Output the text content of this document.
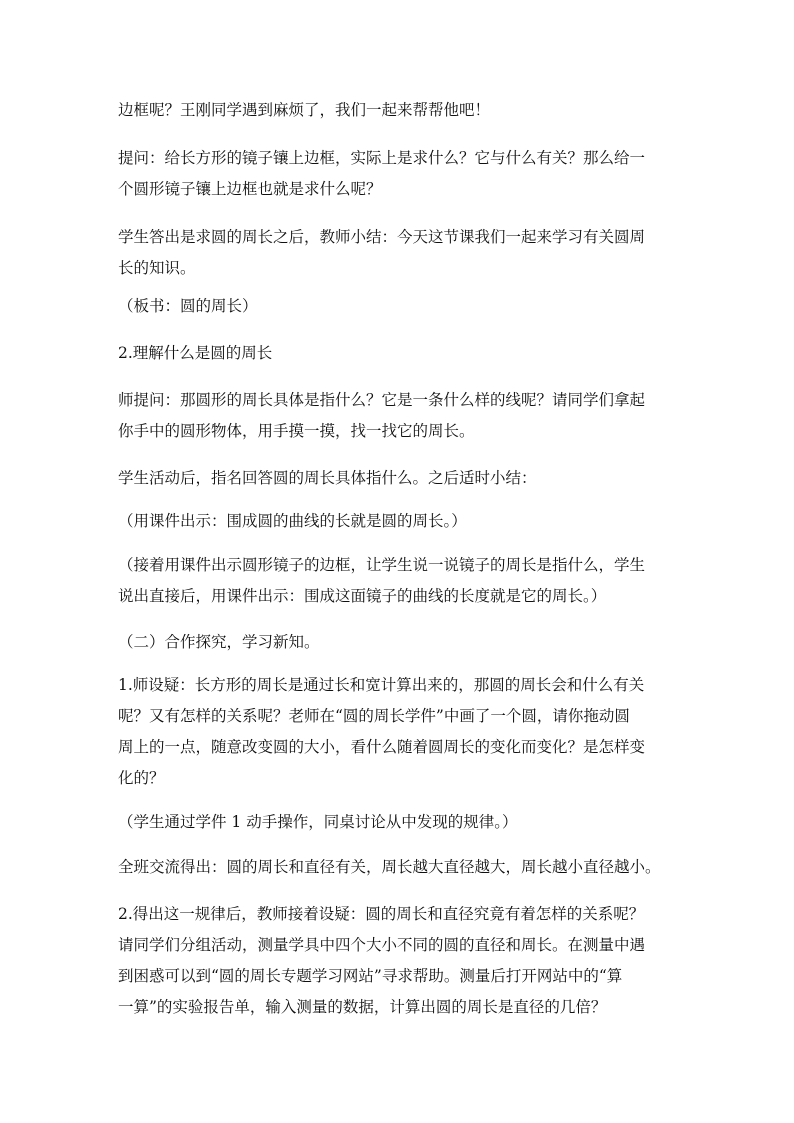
边框呢？王刚同学遇到麻烦了，我们一起来帮帮他吧！

提问：给长方形的镜子镶上边框，实际上是求什么？它与什么有关？那么给一
个圆形镜子镶上边框也就是求什么呢？

学生答出是求圆的周长之后，教师小结：今天这节课我们一起来学习有关圆周
长的知识。

（板书：圆的周长）

2.理解什么是圆的周长

师提问：那圆形的周长具体是指什么？它是一条什么样的线呢？请同学们拿起
你手中的圆形物体，用手摸一摸，找一找它的周长。

学生活动后，指名回答圆的周长具体指什么。之后适时小结：

（用课件出示：围成圆的曲线的长就是圆的周长。）

（接着用课件出示圆形镜子的边框，让学生说一说镜子的周长是指什么，学生
说出直接后，用课件出示：围成这面镜子的曲线的长度就是它的周长。）

（二）合作探究，学习新知。

1.师设疑：长方形的周长是通过长和宽计算出来的，那圆的周长会和什么有关
呢？又有怎样的关系呢？老师在“圆的周长学件”中画了一个圆，请你拖动圆
周上的一点，随意改变圆的大小，看什么随着圆周长的变化而变化？是怎样变
化的？

（学生通过学件 1 动手操作，同桌讨论从中发现的规律。）

全班交流得出：圆的周长和直径有关，周长越大直径越大，周长越小直径越小。

2.得出这一规律后，教师接着设疑：圆的周长和直径究竟有着怎样的关系呢？
请同学们分组活动，测量学具中四个大小不同的圆的直径和周长。在测量中遇
到困惑可以到“圆的周长专题学习网站”寻求帮助。测量后打开网站中的“算
一算”的实验报告单，输入测量的数据，计算出圆的周长是直径的几倍？
